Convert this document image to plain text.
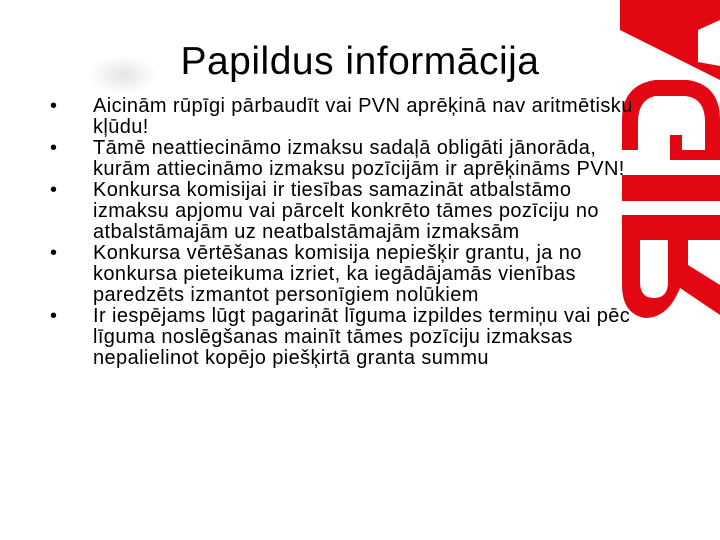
Papildus informācija
•	Aicinām rūpīgi pārbaudīt vai PVN aprēķinā nav aritmētisku kļūdu!
•	Tāmē neattiecināmo izmaksu sadaļā obligāti jānorāda, kurām attiecināmo izmaksu pozīcijām ir aprēķināms PVN!
•	Konkursa komisijai ir tiesības samazināt atbalstāmo izmaksu apjomu vai pārcelt konkrēto tāmes pozīciju no atbalstāmajām uz neatbalstāmajām izmaksām
•	Konkursa vērtēšanas komisija nepiešķir grantu, ja no konkursa pieteikuma izriet, ka iegādājamās vienības paredzēts izmantot personīgiem nolūkiem
•	Ir iespējams lūgt pagarināt līguma izpildes termiņu vai pēc līguma noslēgšanas mainīt tāmes pozīciju izmaksas nepalielinot kopējo piešķirtā granta summu
